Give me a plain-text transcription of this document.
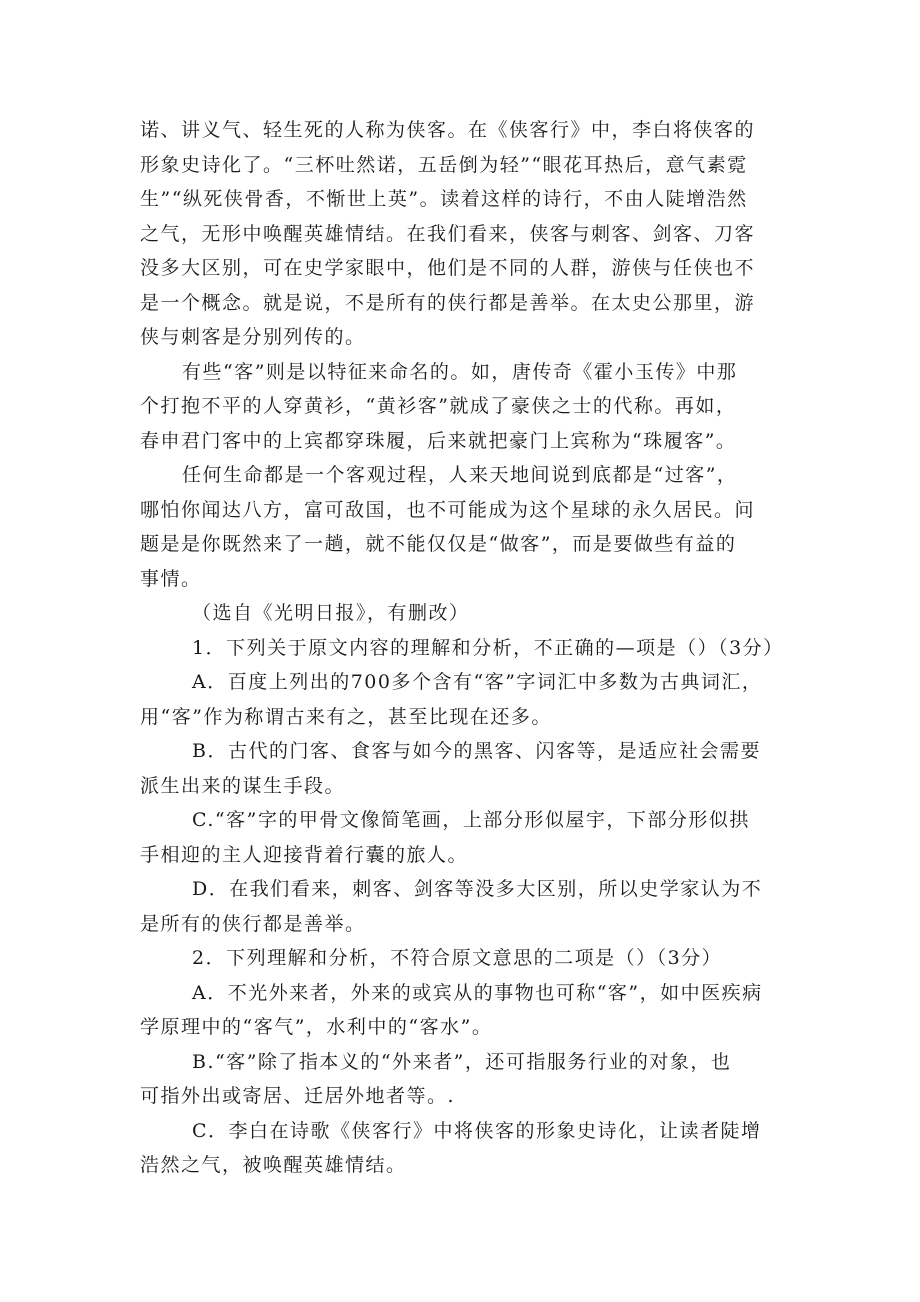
诺、讲义气、轻生死的人称为侠客。在《侠客行》中，李白将侠客的
形象史诗化了。“三杯吐然诺，五岳倒为轻”“眼花耳热后，意气素霓
生”“纵死侠骨香，不惭世上英”。读着这样的诗行，不由人陡增浩然
之气，无形中唤醒英雄情结。在我们看来，侠客与刺客、剑客、刀客
没多大区别，可在史学家眼中，他们是不同的人群，游侠与任侠也不
是一个概念。就是说，不是所有的侠行都是善举。在太史公那里，游
侠与刺客是分别列传的。
有些“客”则是以特征来命名的。如，唐传奇《霍小玉传》中那
个打抱不平的人穿黄衫，“黄衫客”就成了豪侠之士的代称。再如，
春申君门客中的上宾都穿珠履，后来就把豪门上宾称为“珠履客”。
任何生命都是一个客观过程，人来天地间说到底都是“过客”，
哪怕你闻达八方，富可敌国，也不可能成为这个星球的永久居民。问
题是是你既然来了一趟，就不能仅仅是“做客”，而是要做些有益的
事情。
（选自《光明日报》，有删改）
1．下列关于原文内容的理解和分析，不正确的—项是（）（3分）
A．百度上列出的700多个含有“客”字词汇中多数为古典词汇，
用“客”作为称谓古来有之，甚至比现在还多。
B．古代的门客、食客与如今的黑客、闪客等，是适应社会需要
派生出来的谋生手段。
C.“客”字的甲骨文像简笔画，上部分形似屋宇，下部分形似拱
手相迎的主人迎接背着行囊的旅人。
D．在我们看来，刺客、剑客等没多大区别，所以史学家认为不
是所有的侠行都是善举。
2．下列理解和分析，不符合原文意思的二项是（）（3分）
A．不光外来者，外来的或宾从的事物也可称“客”，如中医疾病
学原理中的“客气”，水利中的“客水”。
B.“客”除了指本义的“外来者”，还可指服务行业的对象，也
可指外出或寄居、迁居外地者等。.
C．李白在诗歌《侠客行》中将侠客的形象史诗化，让读者陡增
浩然之气，被唤醒英雄情结。
